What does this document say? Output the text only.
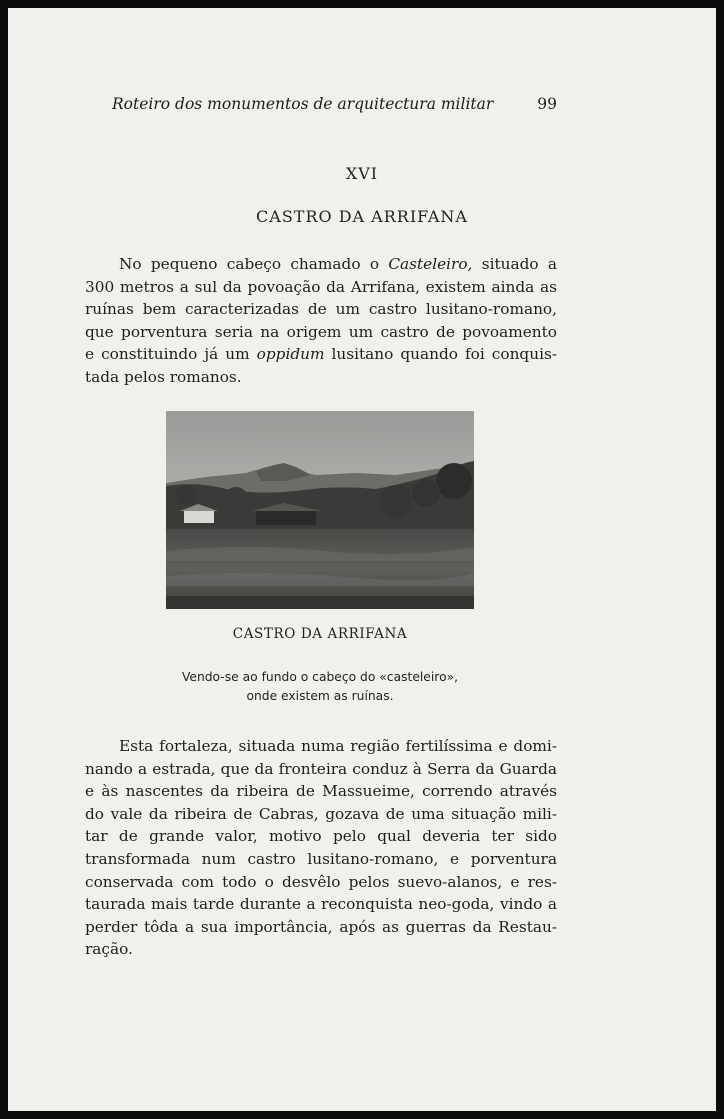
Roteiro dos monumentos de arquitectura militar	99
XVI
CASTRO DA ARRIFANA
No pequeno cabeço chamado o Casteleiro, situado a
300 metros a sul da povoação da Arrifana, existem ainda as
ruínas bem caracterizadas de um castro lusitano-romano,
que porventura seria na origem um castro de povoamento
e constituindo já um oppidum lusitano quando foi conquis-
tada pelos romanos.
CASTRO DA ARRIFANA
Vendo-se ao fundo o cabeço do «casteleiro»,
onde existem as ruínas.
Esta fortaleza, situada numa região fertilíssima e domi-
nando a estrada, que da fronteira conduz à Serra da Guarda
e às nascentes da ribeira de Massueime, correndo através
do vale da ribeira de Cabras, gozava de uma situação mili-
tar de grande valor, motivo pelo qual deveria ter sido
transformada num castro lusitano-romano, e porventura
conservada com todo o desvêlo pelos suevo-alanos, e res-
taurada mais tarde durante a reconquista neo-goda, vindo a
perder tôda a sua importância, após as guerras da Restau-
ração.
